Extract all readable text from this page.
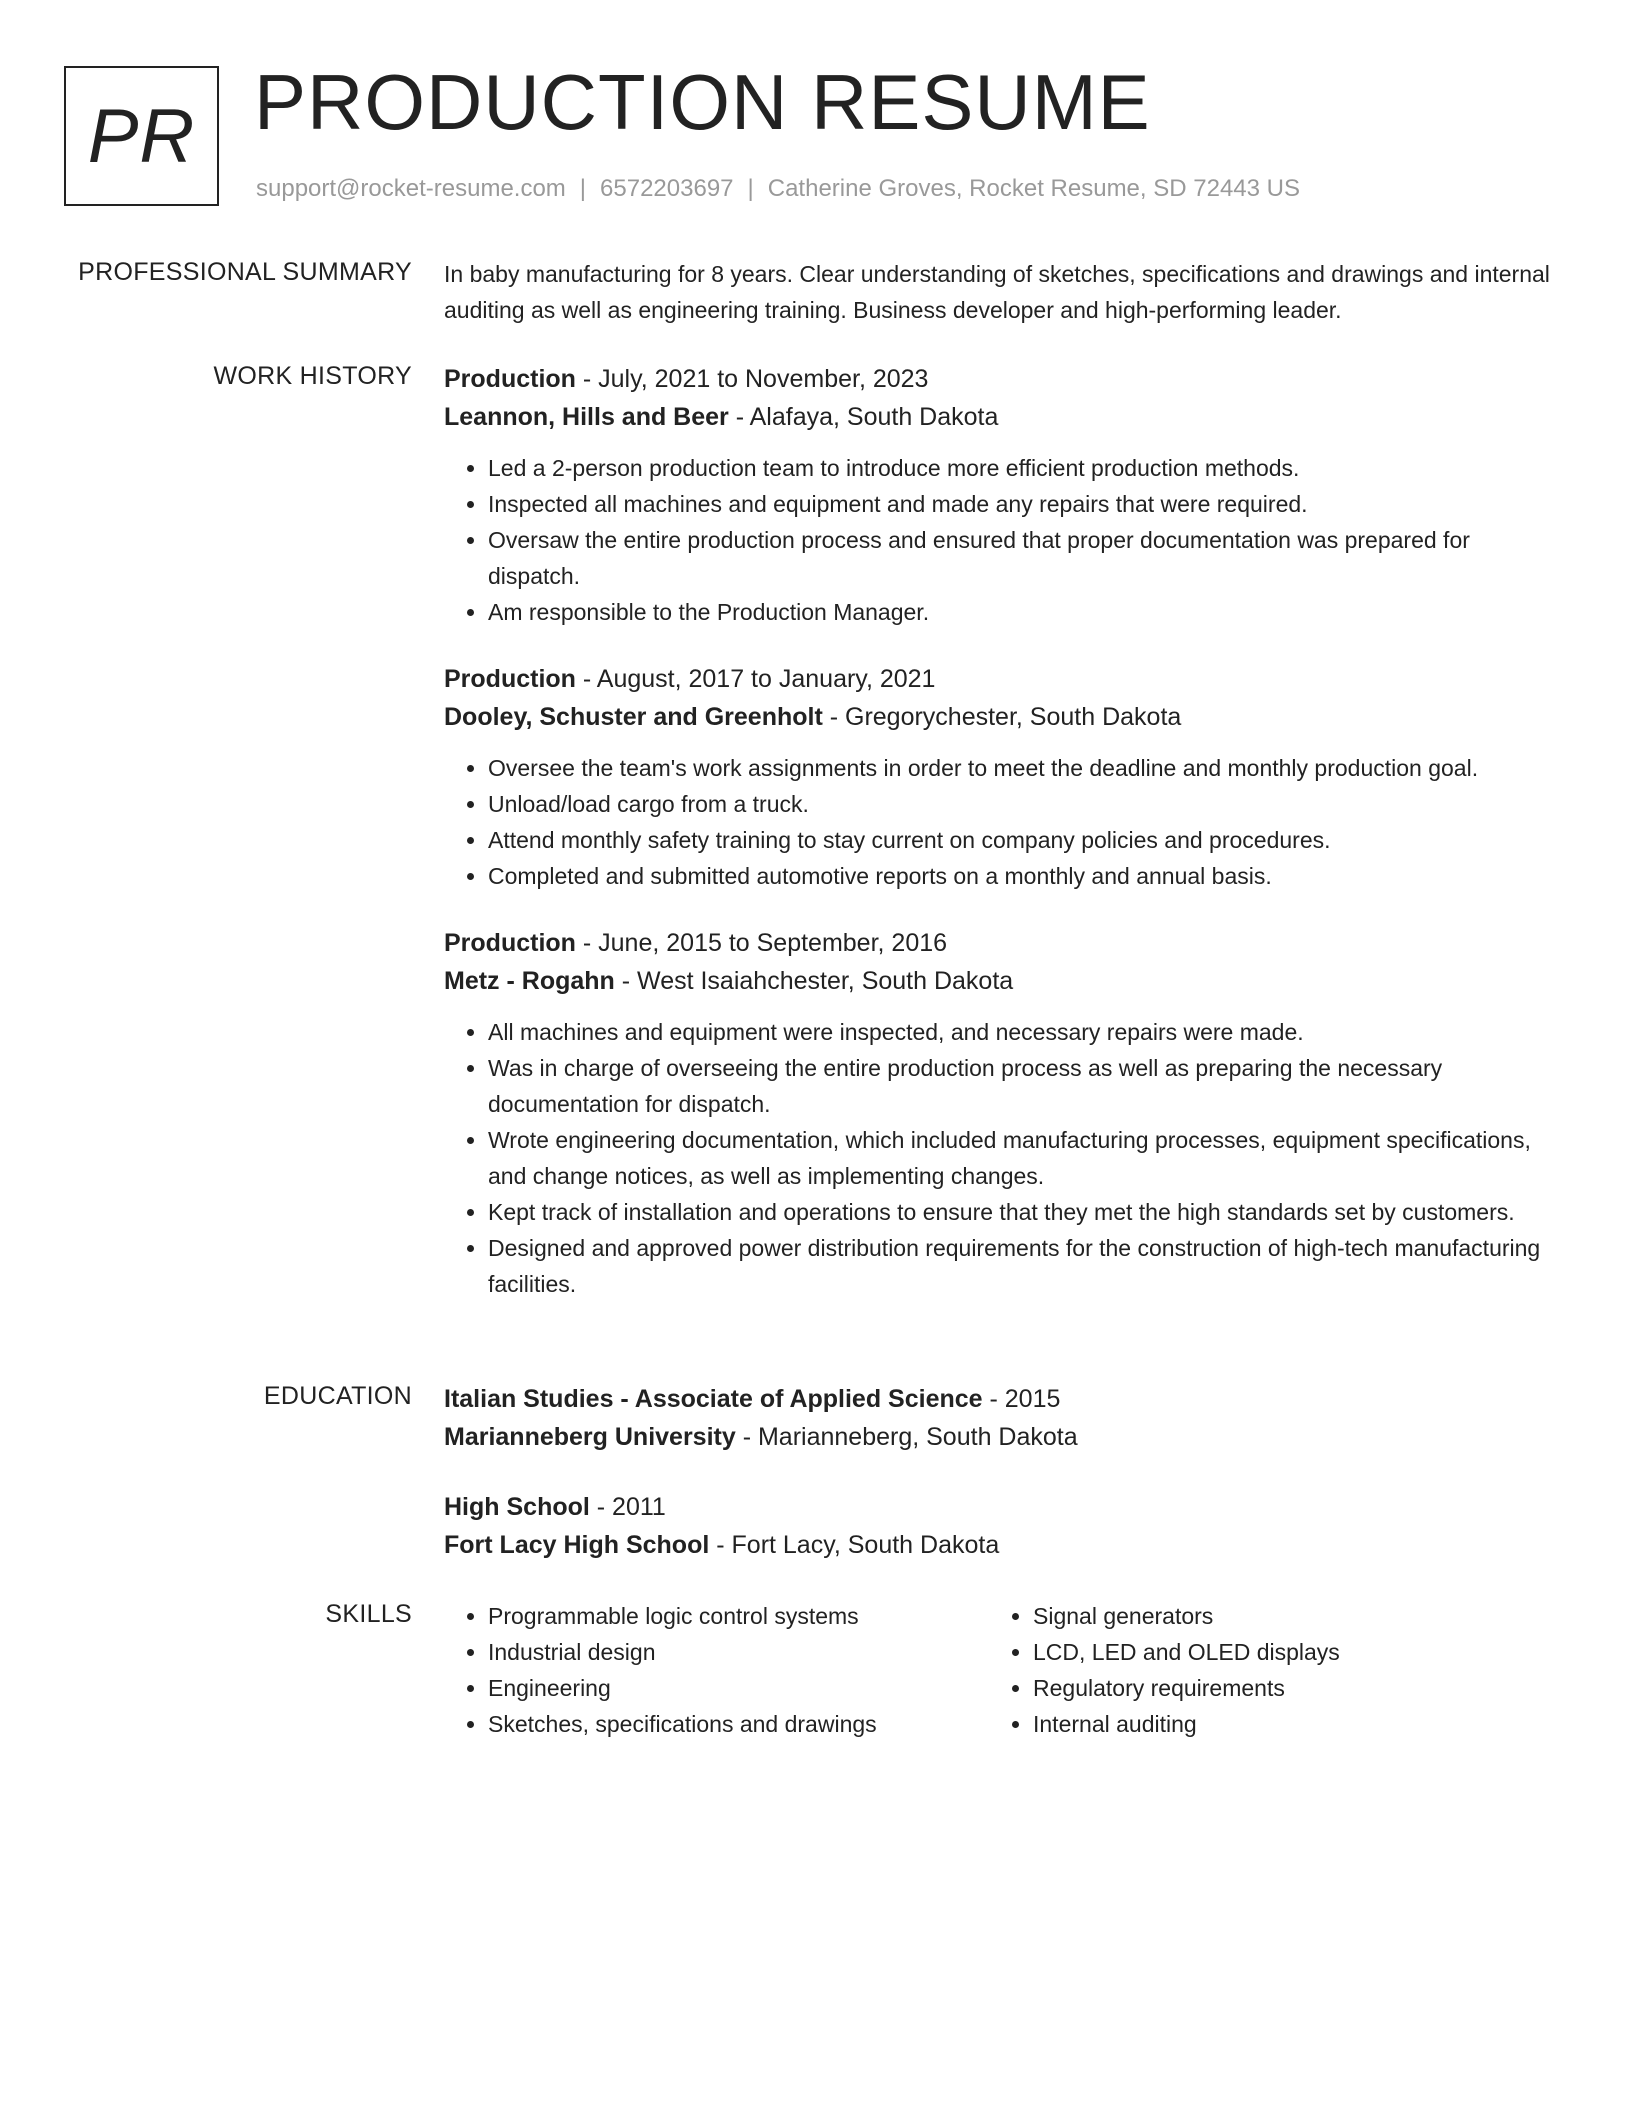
PR PRODUCTION RESUME
support@rocket-resume.com | 6572203697 | Catherine Groves, Rocket Resume, SD 72443 US
PROFESSIONAL SUMMARY In baby manufacturing for 8 years. Clear understanding of sketches, specifications and drawings and internal auditing as well as engineering training. Business developer and high-performing leader.

WORK HISTORY Production - July, 2021 to November, 2023

Leannon, Hills and Beer - Alafaya, South Dakota

• Led a 2-person production team to introduce more efficient production methods.
• Inspected all machines and equipment and made any repairs that were required.
• Oversaw the entire production process and ensured that proper documentation was prepared for dispatch.
• Am responsible to the Production Manager.

Production - August, 2017 to January, 2021

Dooley, Schuster and Greenholt - Gregorychester, South Dakota

• Oversee the team's work assignments in order to meet the deadline and monthly production goal.
• Unload/load cargo from a truck.
• Attend monthly safety training to stay current on company policies and procedures.
• Completed and submitted automotive reports on a monthly and annual basis.

Production - June, 2015 to September, 2016

Metz - Rogahn - West Isaiahchester, South Dakota

• All machines and equipment were inspected, and necessary repairs were made.
• Was in charge of overseeing the entire production process as well as preparing the necessary documentation for dispatch.
• Wrote engineering documentation, which included manufacturing processes, equipment specifications, and change notices, as well as implementing changes.
• Kept track of installation and operations to ensure that they met the high standards set by customers.
• Designed and approved power distribution requirements for the construction of high-tech manufacturing facilities.
EDUCATION Italian Studies - Associate of Applied Science - 2015

Marianneberg University - Marianneberg, South Dakota

High School - 2011

Fort Lacy High School - Fort Lacy, South Dakota

SKILLS
•	Programmable logic control systems
• Industrial design
• Engineering
• Sketches, specifications and drawings
• Signal generators
• LCD, LED and OLED displays
• Regulatory requirements
• Internal auditing
